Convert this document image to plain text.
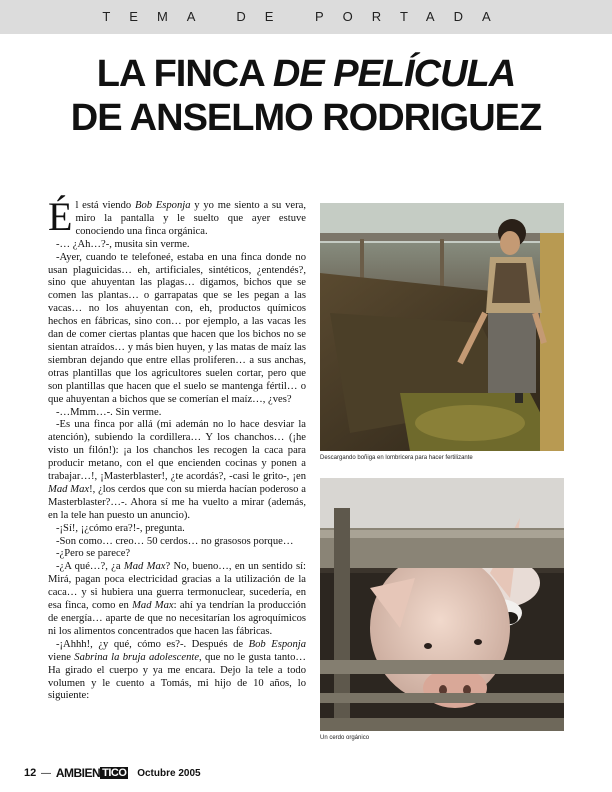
TEMA DE PORTADA
LA FINCA DE PELÍCULA
DE ANSELMO RODRIGUEZ

Él está viendo Bob Esponja y yo me siento a su vera, miro la pantalla y le suelto que ayer estuve conociendo una finca orgánica.

-… ¿Ah…?-, musita sin verme.

-Ayer, cuando te telefoneé, estaba en una finca donde no usan plaguicidas… eh, artificiales, sintéticos, ¿entendés?, sino que ahuyentan las plagas… digamos, bichos que se comen las plantas… o garrapatas que se les pegan a las vacas… no los ahuyentan con, eh, productos químicos hechos en fábricas, sino con… por ejemplo, a las vacas les dan de comer ciertas plantas que hacen que los bichos no se sientan atraídos… y más bien huyen, y las matas de maíz las siembran dejando que entre ellas proliferen… a sus anchas, otras plantillas que los agricultores suelen cortar, pero que son plantillas que hacen que el suelo se mantenga fértil… o que ahuyentan a bichos que se comerían el maíz…, ¿ves?

-…Mmm…-. Sin verme.

-Es una finca por allá (mi ademán no lo hace desviar la atención), subiendo la cordillera… Y los chanchos… (¡he visto un filón!): ¡a los chanchos les recogen la caca para producir metano, con el que encienden cocinas y ponen a trabajar…!, ¡Masterblaster!, ¿te acordás?, -casi le grito-, ¡en Mad Max!, ¿los cerdos que con su mierda hacían poderoso a Masterblaster?…-. Ahora sí me ha vuelto a mirar (además, en la tele han puesto un anuncio).

-¡Sí!, ¡¿cómo era?!-, pregunta.

-Son como… creo… 50 cerdos… no grasosos porque…

-¿Pero se parece?

-¿A qué…?, ¿a Mad Max? No, bueno…, en un sentido sí: Mirá, pagan poca electricidad gracias a la utilización de la caca… y si hubiera una guerra termonuclear, sucedería, en esa finca, como en Mad Max: ahí ya tendrían la producción de energía… aparte de que no necesitarían los agroquímicos ni los alimentos concentrados que hacen las fábricas.

-¡Ahhh!, ¿y qué, cómo es?-. Después de Bob Esponja viene Sabrina la bruja adolescente, que no le gusta tanto… Ha girado el cuerpo y ya me encara. Dejo la tele a todo volumen y le cuento a Tomás, mi hijo de 10 años, lo siguiente:

Descargando boñiga en lombricera para hacer fertilizante
Un cerdo orgánico
12 — AMBIEN TICO Octubre 2005
